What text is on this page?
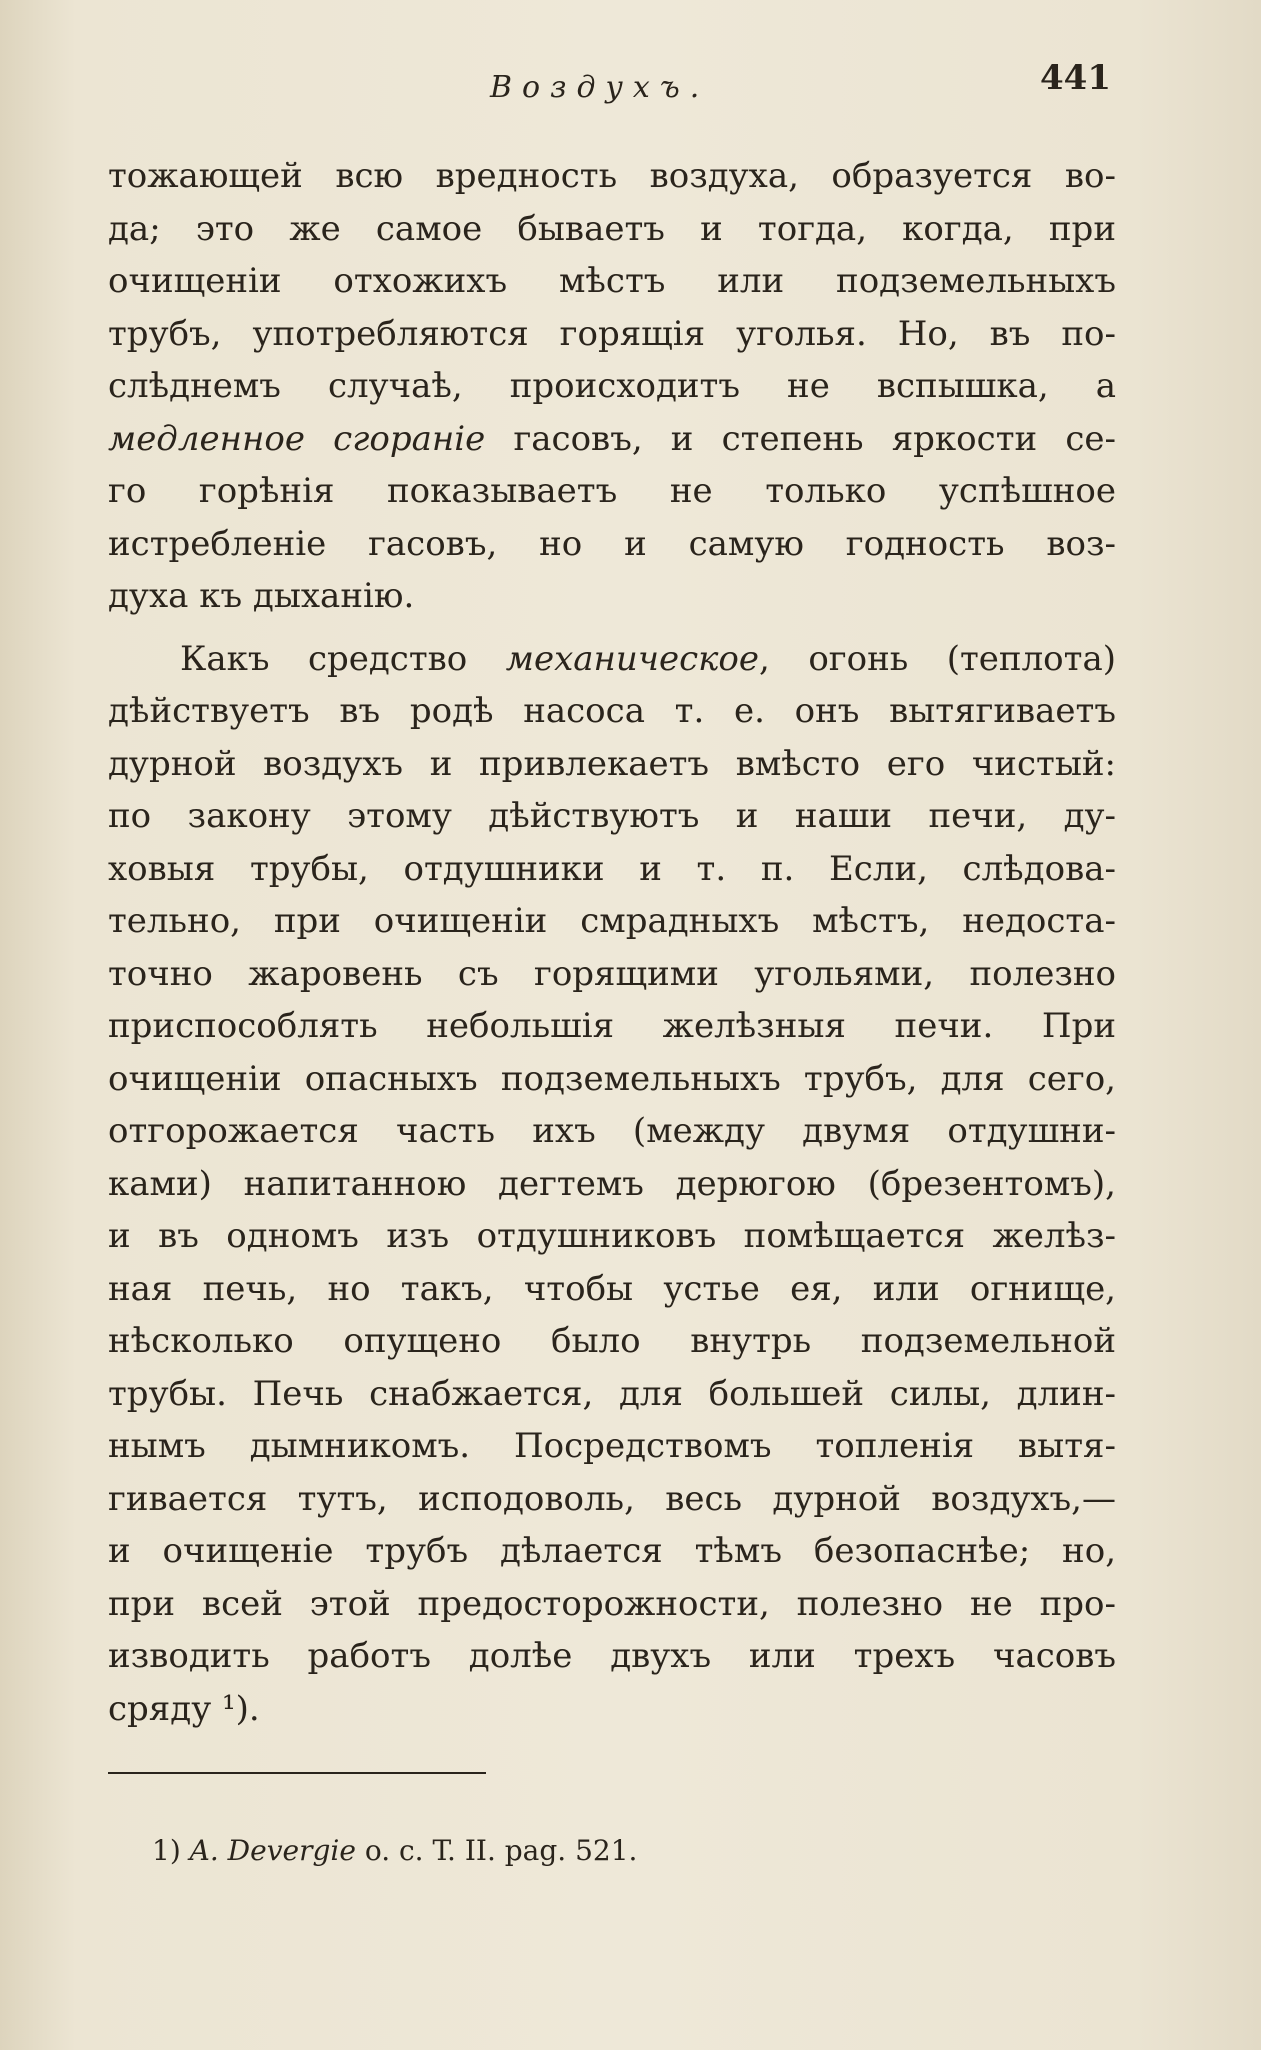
Воздухъ.	441
тожающей всю вредность воздуха, образуется во-
да; это же самое бываетъ и тогда, когда, при
очищеніи отхожихъ мѣстъ или подземельныхъ
трубъ, употребляются горящія уголья. Но, въ по-
слѣднемъ случаѣ, происходитъ не вспышка, а
медленное сгораніе гасовъ, и степень яркости се-
го горѣнія показываетъ не только успѣшное
истребленіе гасовъ, но и самую годность воз-
духа къ дыханію.
Какъ средство механическое, огонь (теплота)
дѣйствуетъ въ родѣ насоса т. е. онъ вытягиваетъ
дурной воздухъ и привлекаетъ вмѣсто его чистый:
по закону этому дѣйствуютъ и наши печи, ду-
ховыя трубы, отдушники и т. п. Если, слѣдова-
тельно, при очищеніи смрадныхъ мѣстъ, недоста-
точно жаровень съ горящими угольями, полезно
приспособлять небольшія желѣзныя печи. При
очищеніи опасныхъ подземельныхъ трубъ, для сего,
отгорожается часть ихъ (между двумя отдушни-
ками) напитанною дегтемъ дерюгою (брезентомъ),
и въ одномъ изъ отдушниковъ помѣщается желѣз-
ная печь, но такъ, чтобы устье ея, или огнище,
нѣсколько опущено было внутрь подземельной
трубы. Печь снабжается, для большей силы, длин-
нымъ дымникомъ. Посредствомъ топленія вытя-
гивается тутъ, исподоволь, весь дурной воздухъ,—
и очищеніе трубъ дѣлается тѣмъ безопаснѣе; но,
при всей этой предосторожности, полезно не про-
изводить работъ долѣе двухъ или трехъ часовъ
сряду ¹).
1) A. Devergie o. c. T. II. pag. 521.
